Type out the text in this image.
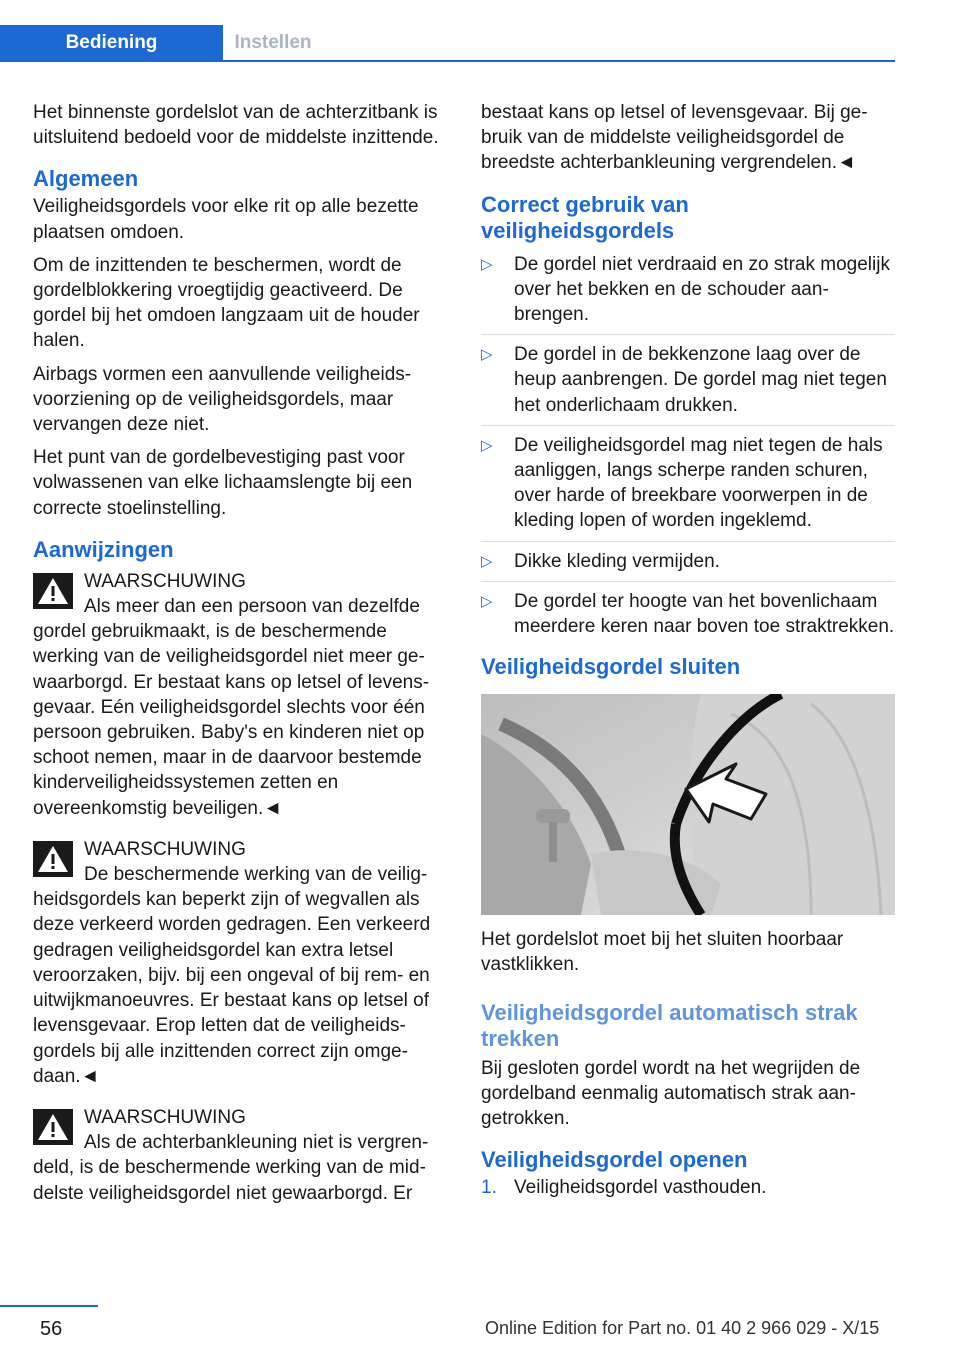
Bediening	Instellen

Het binnenste gordelslot van de achterzitbank is uitsluitend bedoeld voor de middelste inzittende.

Algemeen

Veiligheidsgordels voor elke rit op alle bezette plaatsen omdoen.

Om de inzittenden te beschermen, wordt de gordelblokkering vroegtijdig geactiveerd. De gordel bij het omdoen langzaam uit de houder halen.

Airbags vormen een aanvullende veiligheidsvoorziening op de veiligheidsgordels, maar vervangen deze niet.

Het punt van de gordelbevestiging past voor volwassenen van elke lichaamslengte bij een correcte stoelinstelling.

Aanwijzingen
WAARSCHUWING
Als meer dan een persoon van dezelfde gordel gebruikmaakt, is de beschermende werking van de veiligheidsgordel niet meer gewaarborgd. Er bestaat kans op letsel of levensgevaar. Eén veiligheidsgordel slechts voor één persoon gebruiken. Baby's en kinderen niet op schoot nemen, maar in de daarvoor bestemde kinderveiligheidssystemen zetten en overeenkomstig beveiligen.◄
WAARSCHUWING
De beschermende werking van de veiligheidsgordels kan beperkt zijn of wegvallen als deze verkeerd worden gedragen. Een verkeerd gedragen veiligheidsgordel kan extra letsel veroorzaken, bijv. bij een ongeval of bij rem- en uitwijkmanoeuvres. Er bestaat kans op letsel of levensgevaar. Erop letten dat de veiligheidsgordels bij alle inzittenden correct zijn omgedaan.◄
WAARSCHUWING
Als de achterbankleuning niet is vergrendeld, is de beschermende werking van de middelste veiligheidsgordel niet gewaarborgd. Er

bestaat kans op letsel of levensgevaar. Bij gebruik van de middelste veiligheidsgordel de breedste achterbankleuning vergrendelen.◄

Correct gebruik van veiligheidsgordels
▷ De gordel niet verdraaid en zo strak mogelijk over het bekken en de schouder aanbrengen.
▷ De gordel in de bekkenzone laag over de heup aanbrengen. De gordel mag niet tegen het onderlichaam drukken.
▷ De veiligheidsgordel mag niet tegen de hals aanliggen, langs scherpe randen schuren, over harde of breekbare voorwerpen in de kleding lopen of worden ingeklemd.
▷ Dikke kleding vermijden.
▷ De gordel ter hoogte van het bovenlichaam meerdere keren naar boven toe straktrekken.
Veiligheidsgordel sluiten

Het gordelslot moet bij het sluiten hoorbaar vastklikken.

Veiligheidsgordel automatisch strak trekken

Bij gesloten gordel wordt na het wegrijden de gordelband eenmalig automatisch strak aangetrokken.

Veiligheidsgordel openen
1. Veiligheidsgordel vasthouden.
56	Online Edition for Part no. 01 40 2 966 029 - X/15
